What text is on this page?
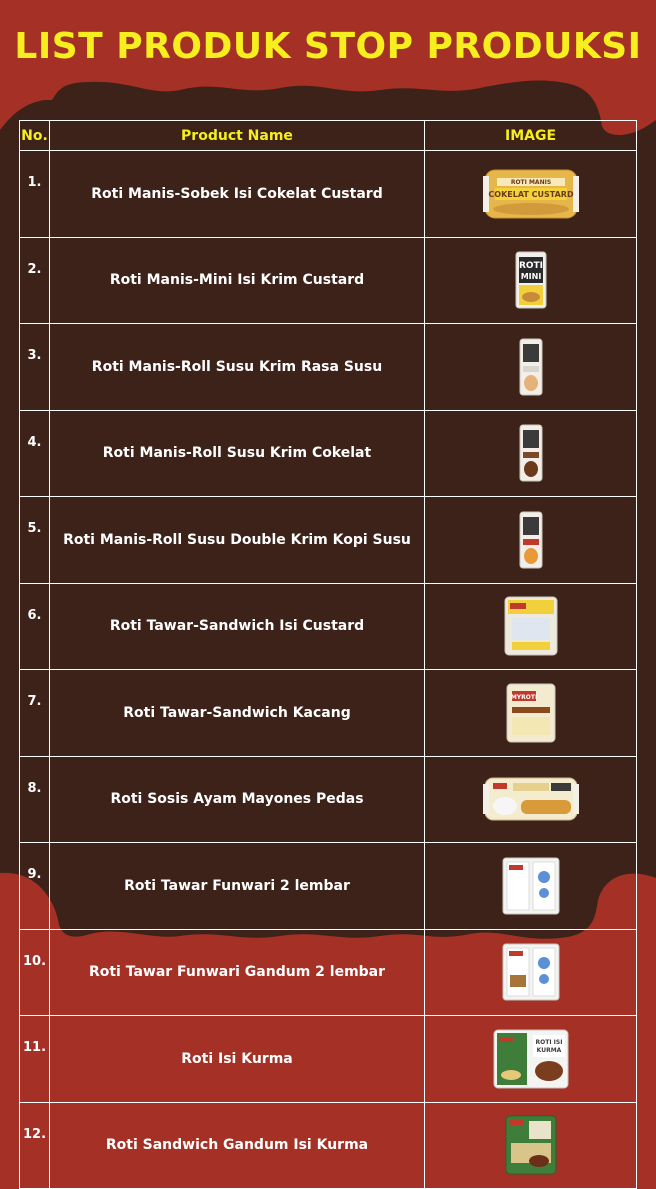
LIST PRODUK STOP PRODUKSI
No.	Product Name	IMAGE
1.	Roti Manis-Sobek Isi Cokelat Custard	ROTI MANIS
COKELAT CUSTARD

2.	Roti Manis-Mini Isi Krim Custard	ROTI
MINI

3.	Roti Manis-Roll Susu Krim Rasa Susu	

4.	Roti Manis-Roll Susu Krim Cokelat	

5.	Roti Manis-Roll Susu Double Krim Kopi Susu	

6.	Roti Tawar-Sandwich Isi Custard	

7.	Roti Tawar-Sandwich Kacang	MYROTI

8.	Roti Sosis Ayam Mayones Pedas	

9.	Roti Tawar Funwari 2 lembar	

10.	Roti Tawar Funwari Gandum 2 lembar	

11.	Roti Isi Kurma	ROTI ISI
KURMA

12.	Roti Sandwich Gandum Isi Kurma	
